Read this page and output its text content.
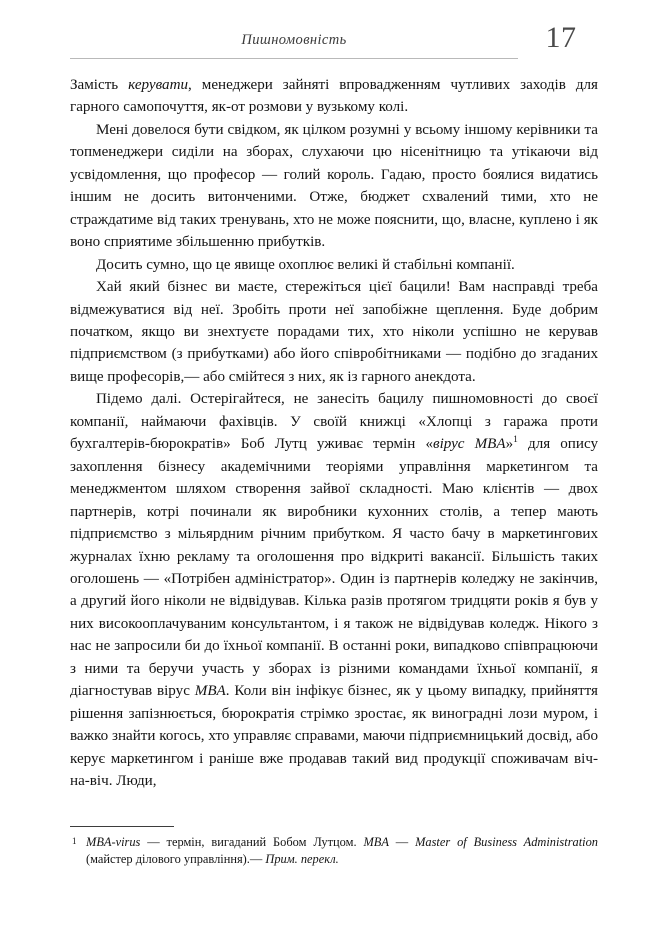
Пишномовність	17

Замість керувати, менеджери зайняті впровадженням чутливих заходів для гарного самопочуття, як-от розмови у вузькому колі.

Мені довелося бути свідком, як цілком розумні у всьому іншому керівники та топменеджери сиділи на зборах, слухаючи цю нісенітницю та утікаючи від усвідомлення, що професор — голий король. Гадаю, просто боялися видатись іншим не досить витонченими. Отже, бюджет схвалений тими, хто не страждатиме від таких тренувань, хто не може пояснити, що, власне, куплено і як воно сприятиме збільшенню прибутків.

Досить сумно, що це явище охоплює великі й стабільні компанії.

Хай який бізнес ви маєте, стережіться цієї бацили! Вам насправді треба відмежуватися від неї. Зробіть проти неї запобіжне щеплення. Буде добрим початком, якщо ви знехтуєте порадами тих, хто ніколи успішно не керував підприємством (з прибутками) або його співробітниками — подібно до згаданих вище професорів,— або смійтеся з них, як із гарного анекдота.

Підемо далі. Остерігайтеся, не занесіть бацилу пишномовності до своєї компанії, наймаючи фахівців. У своїй книжці «Хлопці з гаража проти бухгалтерів-бюрократів» Боб Лутц уживає термін «вірус MBA»$^1$ для опису захоплення бізнесу академічними теоріями управління маркетингом та менеджментом шляхом створення зайвої складності. Маю клієнтів — двох партнерів, котрі починали як виробники кухонних столів, а тепер мають підприємство з мільярдним річним прибутком. Я часто бачу в маркетингових журналах їхню рекламу та оголошення про відкриті вакансії. Більшість таких оголошень — «Потрібен адміністратор». Один із партнерів коледжу не закінчив, а другий його ніколи не відвідував. Кілька разів протягом тридцяти років я був у них високооплачуваним консультантом, і я також не відвідував коледж. Нікого з нас не запросили би до їхньої компанії. В останні роки, випадково співпрацюючи з ними та беручи участь у зборах із різними командами їхньої компанії, я діагностував вірус MBA. Коли він інфікує бізнес, як у цьому випадку, прийняття рішення запізнюється, бюрократія стрімко зростає, як виноградні лози муром, і важко знайти когось, хто управляє справами, маючи підприємницький досвід, або керує маркетингом і раніше вже продавав такий вид продукції споживачам віч-на-віч. Люди,

1 MBA-virus — термін, вигаданий Бобом Лутцом. MBA — Master of Business Administration (майстер ділового управління).— Прим. перекл.
